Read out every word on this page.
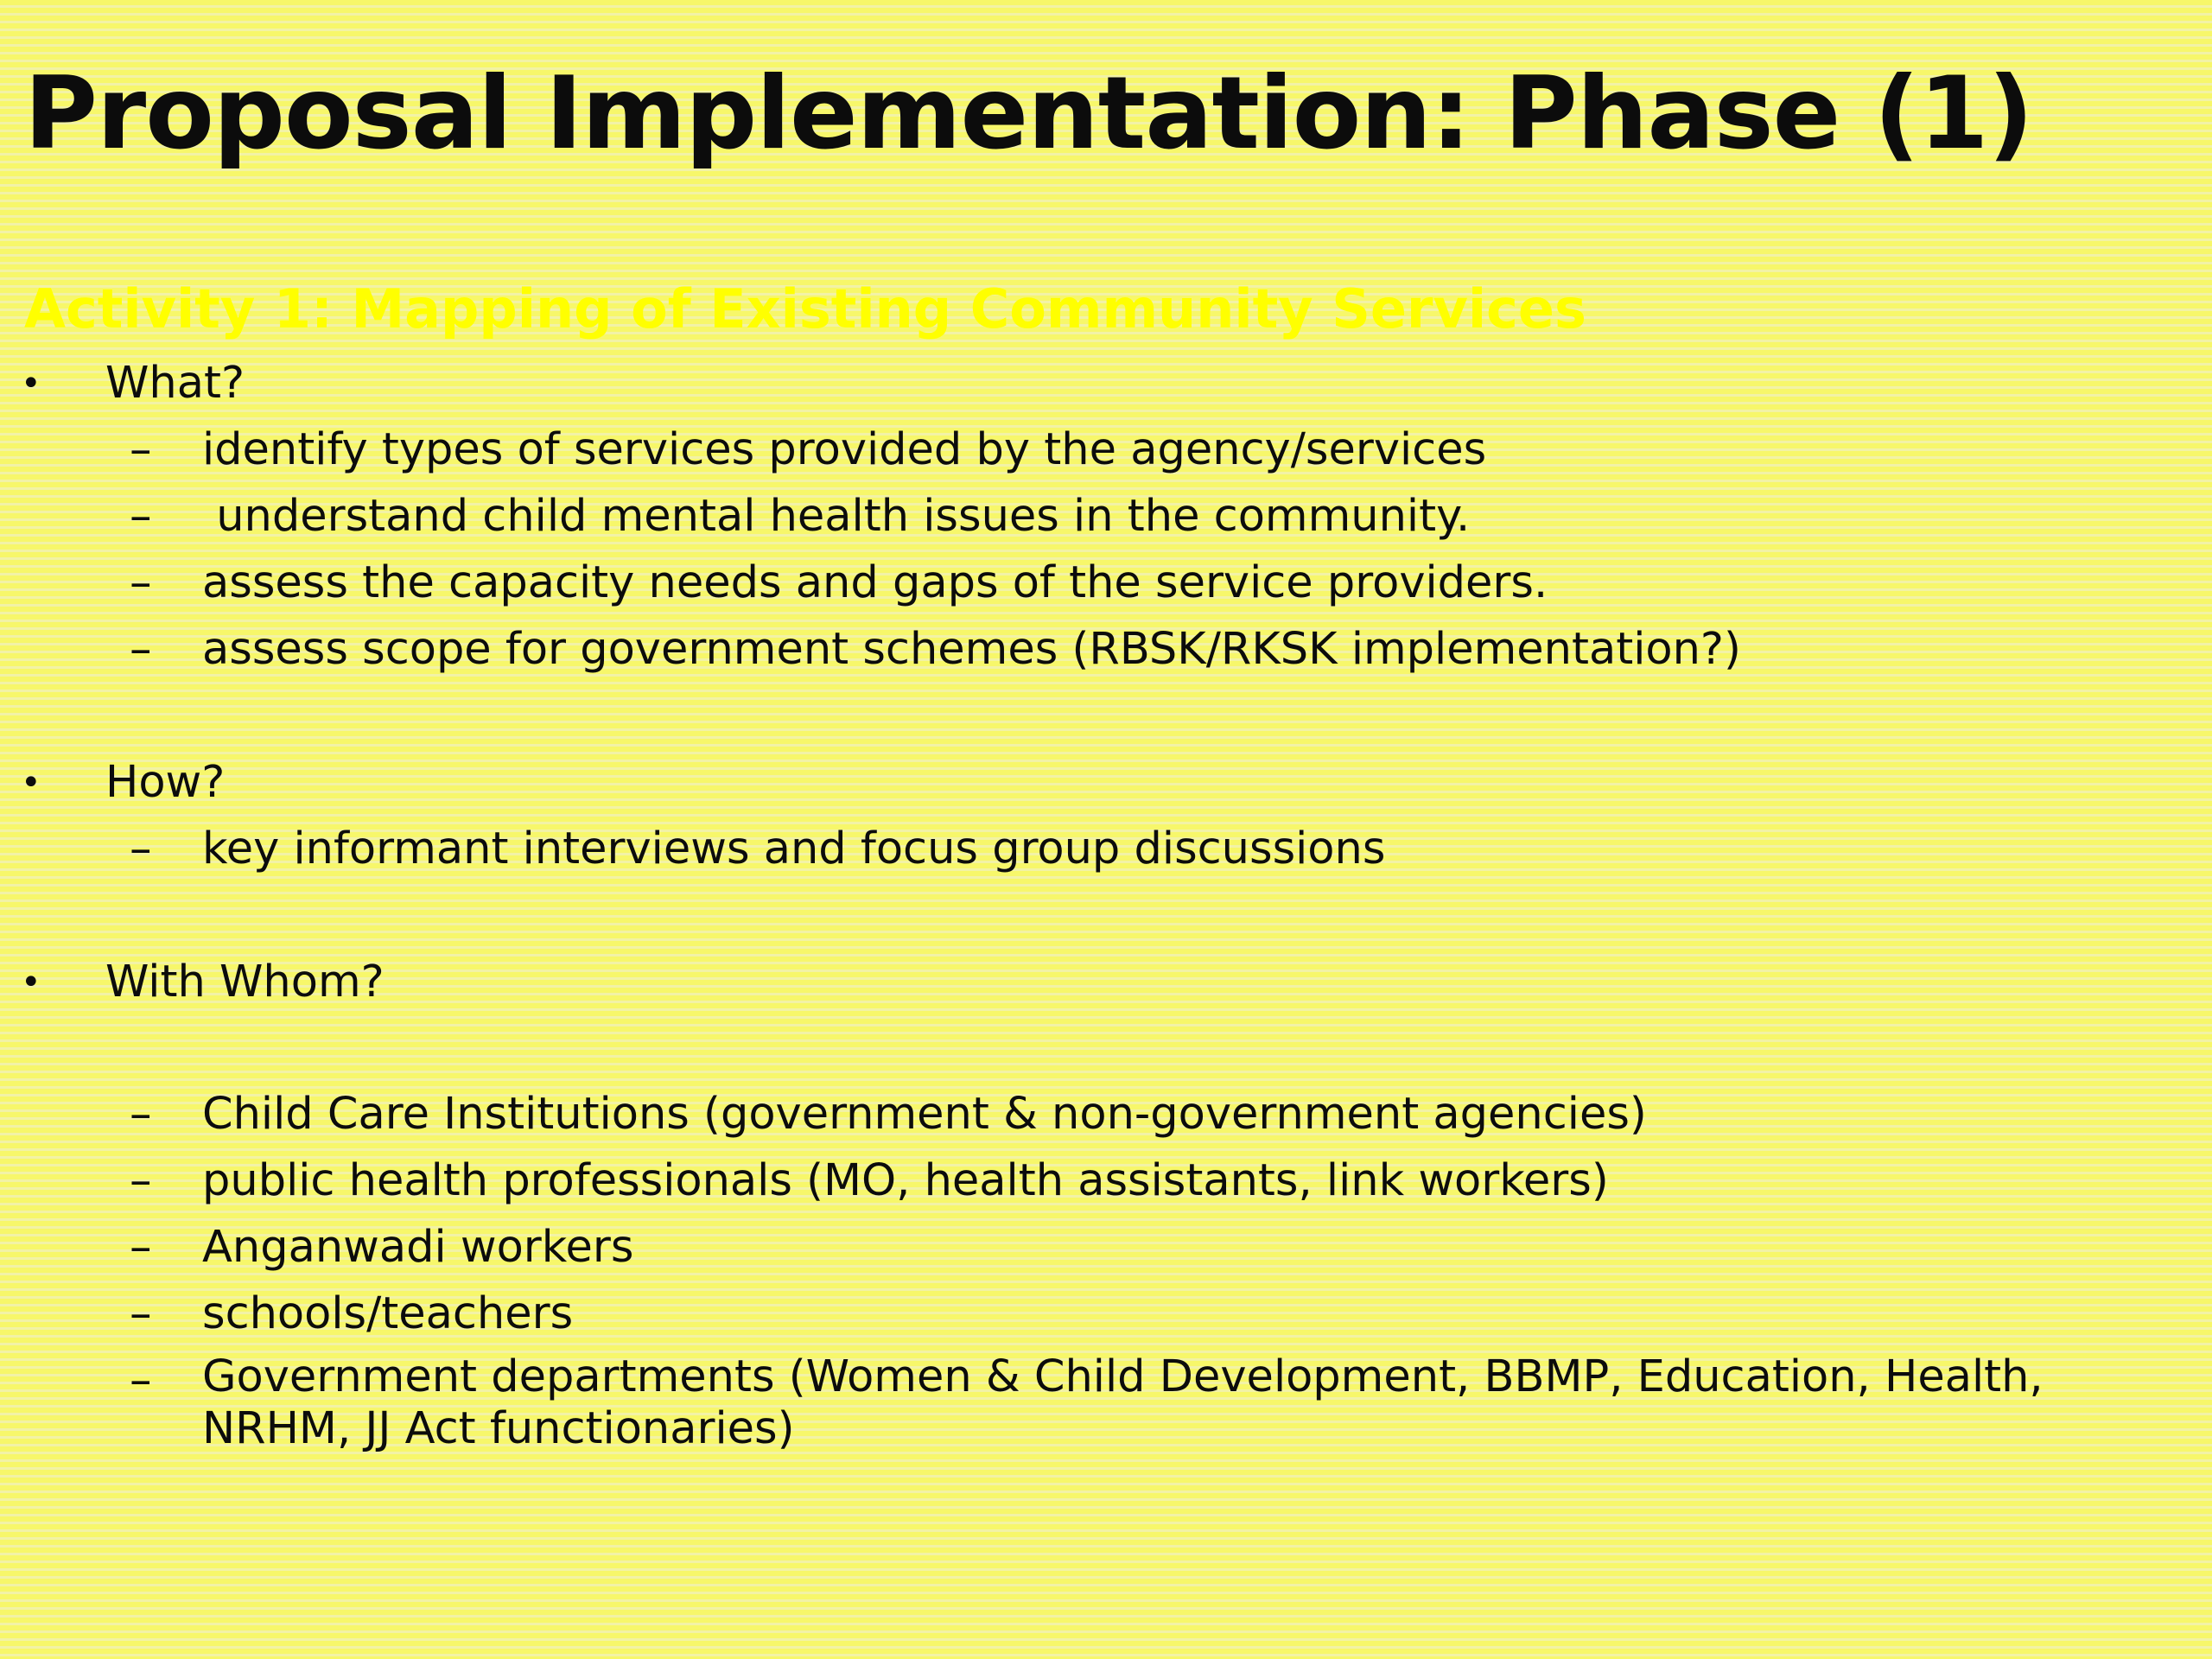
Proposal Implementation: Phase (1)
Activity 1: Mapping of Existing Community Services
• What?
–	identify types of services provided by the agency/services
–	understand child mental health issues in the community.
–	assess the capacity needs and gaps of the service providers.
–	assess scope for government schemes (RBSK/RKSK implementation?)
• How?
–	key informant interviews and focus group discussions
• With Whom?
–	Child Care Institutions (government & non-government agencies)
–	public health professionals (MO, health assistants, link workers)
–	Anganwadi workers
–	schools/teachers
–	Government departments (Women & Child Development, BBMP, Education, Health, NRHM, JJ Act functionaries)
